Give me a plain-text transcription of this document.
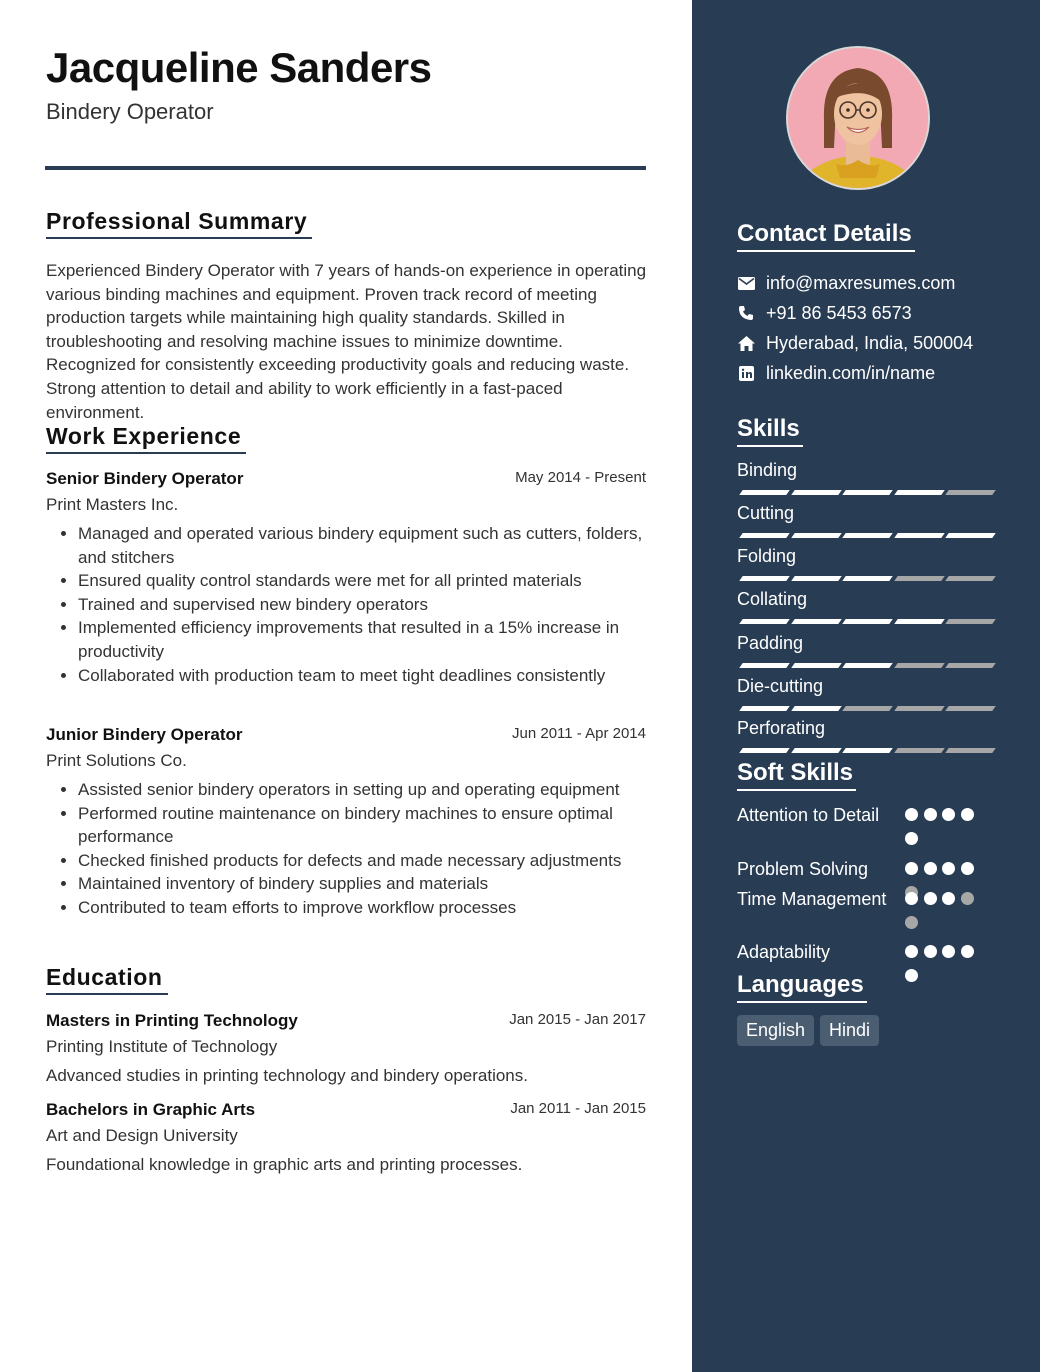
Jacqueline Sanders
Bindery Operator
Professional Summary

Experienced Bindery Operator with 7 years of hands-on experience in operating various binding machines and equipment. Proven track record of meeting production targets while maintaining high quality standards. Skilled in troubleshooting and resolving machine issues to minimize downtime. Recognized for consistently exceeding productivity goals and reducing waste. Strong attention to detail and ability to work efficiently in a fast-paced environment.

Work Experience
Senior Bindery Operator	May 2014 - Present
Print Masters Inc.
• Managed and operated various bindery equipment such as cutters, folders, and stitchers
• Ensured quality control standards were met for all printed materials
• Trained and supervised new bindery operators
• Implemented efficiency improvements that resulted in a 15% increase in productivity
• Collaborated with production team to meet tight deadlines consistently
Junior Bindery Operator	Jun 2011 - Apr 2014
Print Solutions Co.
• Assisted senior bindery operators in setting up and operating equipment
• Performed routine maintenance on bindery machines to ensure optimal performance
• Checked finished products for defects and made necessary adjustments
• Maintained inventory of bindery supplies and materials
• Contributed to team efforts to improve workflow processes
Education
Masters in Printing Technology	Jan 2015 - Jan 2017
Printing Institute of Technology
Advanced studies in printing technology and bindery operations.
Bachelors in Graphic Arts	Jan 2011 - Jan 2015
Art and Design University
Foundational knowledge in graphic arts and printing processes.
Contact Details
info@maxresumes.com
+91 86 5453 6573
Hyderabad, India, 500004
linkedin.com/in/name
Skills
Binding
Cutting
Folding
Collating
Padding
Die-cutting
Perforating
Soft Skills
Attention to Detail
Problem Solving
Time Management
Adaptability
Languages
English	Hindi
